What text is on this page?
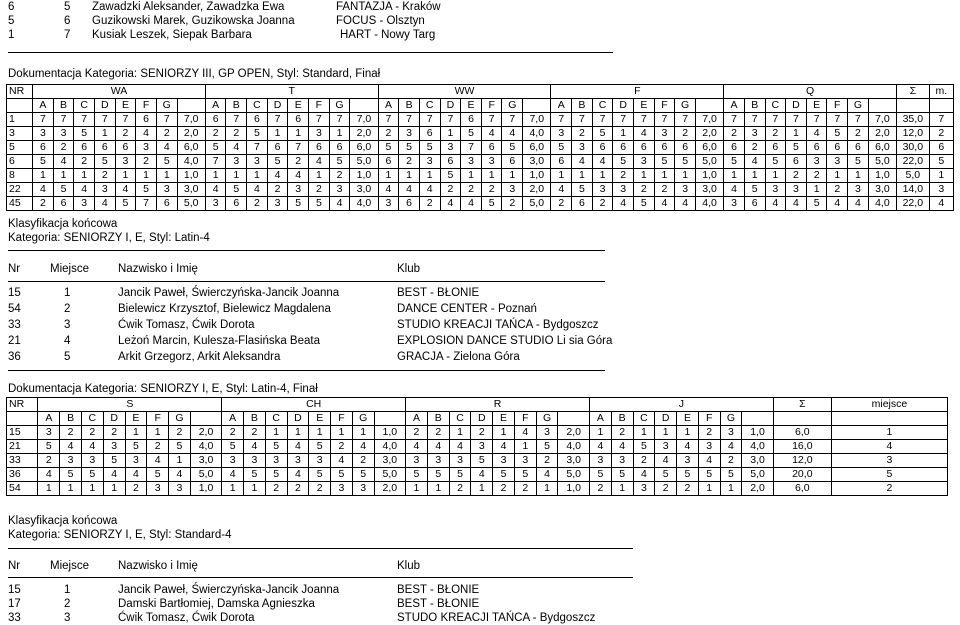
6	5 Zawadzki Aleksander, Zawadzka Ewa	FANTAZJA - Kraków
5	6 Guzikowski Marek, Guzikowska Joanna	FOCUS - Olsztyn
1	7 Kusiak Leszek, Siepak Barbara	HART - Nowy Targ
Dokumentacja Kategoria: SENIORZY III, GP OPEN, Styl: Standard, Finał
NR	WA								T								WW								F								Q								Σ	m.
	A	B	C	D	E	F	G		A	B	C	D	E	F	G		A	B	C	D	E	F	G		A	B	C	D	E	F	G		A	B	C	D	E	F	G			
1	7	7	7	7	7	6	7	7,0	6	7	6	7	6	7	7	7,0	7	7	7	7	6	7	7	7,0	7	7	7	7	7	7	7	7,0	7	7	7	7	7	7	7	7,0	35,0	7
3	3	3	5	1	2	4	2	2,0	2	2	5	1	1	3	1	2,0	2	3	6	1	5	4	4	4,0	3	2	5	1	4	3	2	2,0	2	3	2	1	4	5	2	2,0	12,0	2
5	6	2	6	6	6	3	4	6,0	5	4	7	6	7	6	6	6,0	5	5	5	3	7	6	5	6,0	5	3	6	6	6	6	6	6,0	6	2	6	5	6	6	6	6,0	30,0	6
6	5	4	2	5	3	2	5	4,0	7	3	3	5	2	4	5	5,0	6	2	3	6	3	3	6	3,0	6	4	4	5	3	5	5	5,0	5	4	5	6	3	3	5	5,0	22,0	5
8	1	1	1	2	1	1	1	1,0	1	1	1	4	4	1	2	1,0	1	1	1	5	1	1	1	1,0	1	1	1	2	1	1	1	1,0	1	1	1	2	2	1	1	1,0	5,0	1
22	4	5	4	3	4	5	3	3,0	4	5	4	2	3	2	3	3,0	4	4	4	2	2	2	3	2,0	4	5	3	3	2	2	3	3,0	4	5	3	3	1	2	3	3,0	14,0	3
45	2	6	3	4	5	7	6	5,0	3	6	2	3	5	5	4	4,0	3	6	2	4	4	5	2	5,0	2	6	2	4	5	4	4	4,0	3	6	4	4	5	4	4	4,0	22,0	4
Klasyfikacja końcowa
Kategoria: SENIORZY I, E, Styl: Latin-4
Nr	Miejsce	Nazwisko i Imię	Klub
15	1	Jancik Paweł, Świerczyńska-Jancik Joanna	BEST - BŁONIE
54	2	Bielewicz Krzysztof, Bielewicz Magdalena	DANCE CENTER - Poznań
33	3	Ćwik Tomasz, Ćwik Dorota	STUDIO KREACJI TAŃCA - Bydgoszcz
21	4	Leżoń Marcin, Kulesza-Flasińska Beata	EXPLOSION DANCE STUDIO Li sia Góra
36	5	Arkit Grzegorz, Arkit Aleksandra	GRACJA - Zielona Góra
Dokumentacja Kategoria: SENIORZY I, E, Styl: Latin-4, Finał
NR	S								CH								R								J								Σ	miejsce
	A	B	C	D	E	F	G		A	B	C	D	E	F	G		A	B	C	D	E	F	G		A	B	C	D	E	F	G			
15	3	2	2	2	1	1	2	2,0	2	2	1	1	1	1	1	1,0	2	2	1	2	1	4	3	2,0	1	2	1	1	1	2	3	1,0	6,0	1
21	5	4	4	3	5	2	5	4,0	5	4	5	4	5	2	4	4,0	4	4	4	3	4	1	5	4,0	4	4	5	3	4	3	4	4,0	16,0	4
33	2	3	3	5	3	4	1	3,0	3	3	3	3	3	4	2	3,0	3	3	3	5	3	3	2	3,0	3	3	2	4	3	4	2	3,0	12,0	3
36	4	5	5	4	4	5	4	5,0	4	5	5	4	5	5	5	5,0	5	5	5	4	5	5	4	5,0	5	5	4	5	5	5	5	5,0	20,0	5
54	1	1	1	1	2	3	3	1,0	1	1	2	2	2	3	3	2,0	1	1	2	1	2	2	1	1,0	2	1	3	2	2	1	1	2,0	6,0	2
Klasyfikacja końcowa
Kategoria: SENIORZY I, E, Styl: Standard-4
Nr	Miejsce	Nazwisko i Imię	Klub
15	1	Jancik Paweł, Świerczyńska-Jancik Joanna	BEST - BŁONIE
17	2	Damski Bartłomiej, Damska Agnieszka	BEST - BŁONIE
33	3	Ćwik Tomasz, Ćwik Dorota	STUDO KREACJI TAŃCA - Bydgoszcz
